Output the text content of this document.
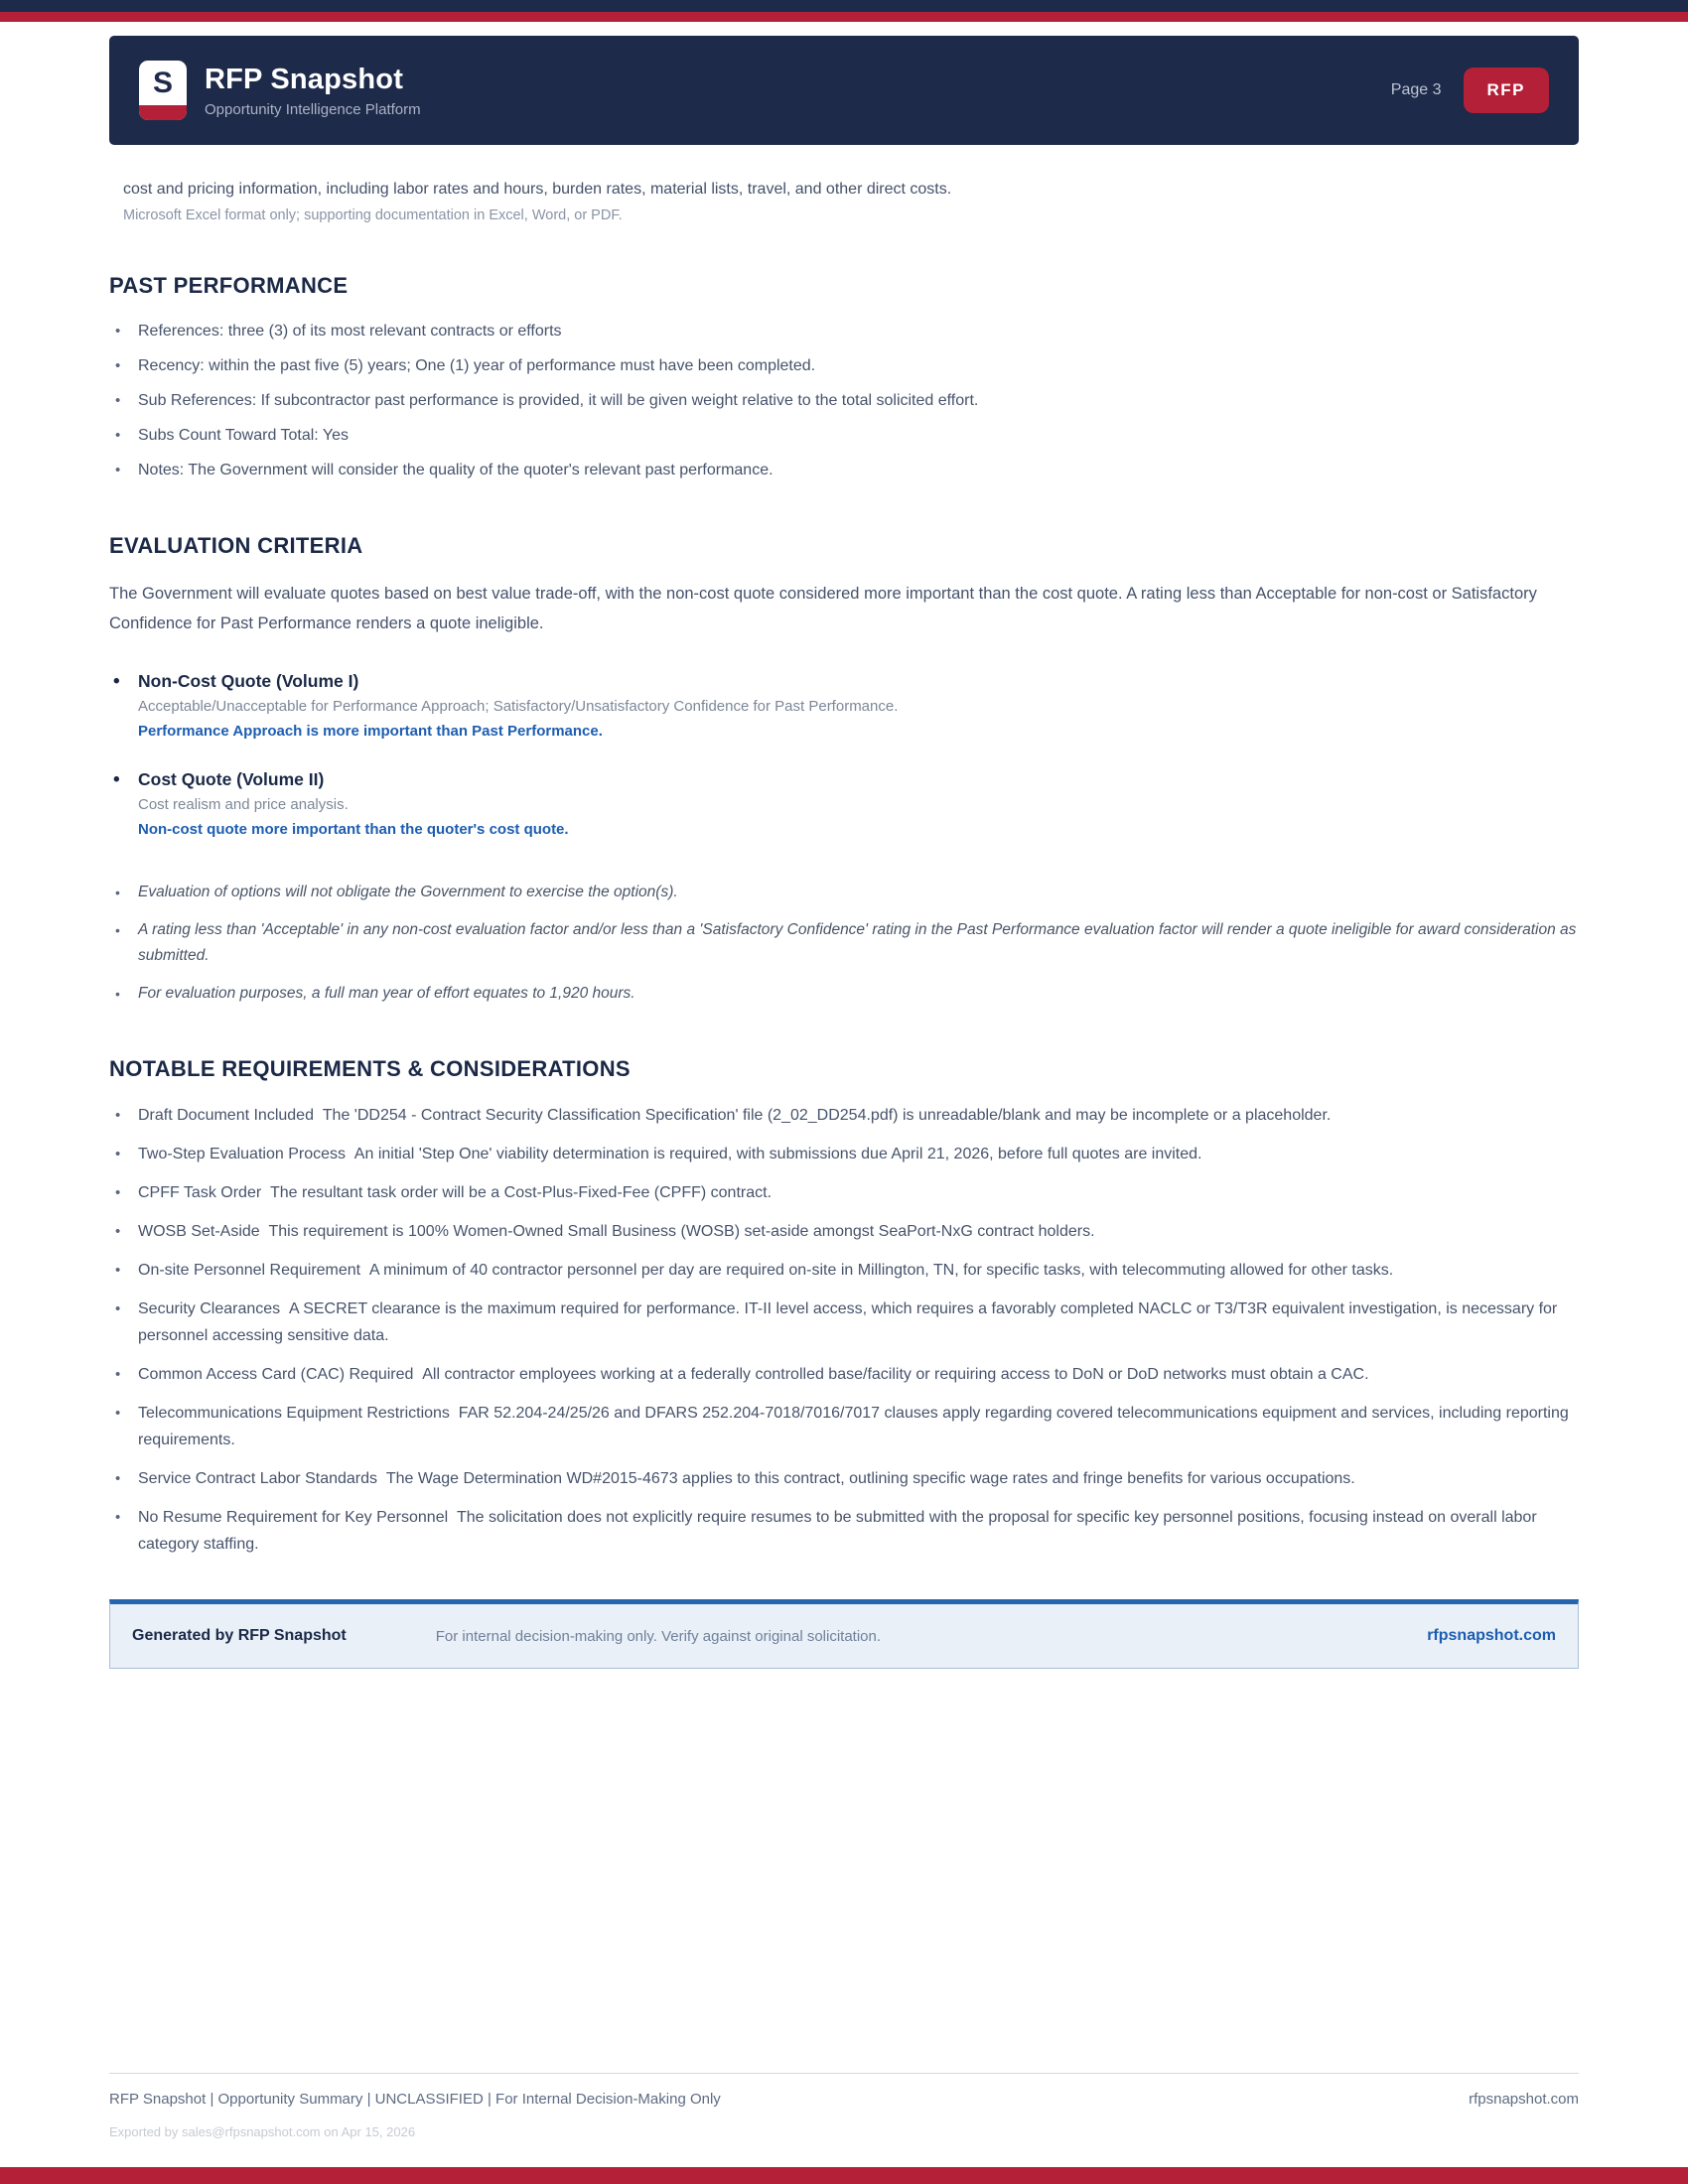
S	RFP Snapshot
Opportunity Intelligence Platform
Page 3	RFP
cost and pricing information, including labor rates and hours, burden rates, material lists, travel, and other direct costs.
Microsoft Excel format only; supporting documentation in Excel, Word, or PDF.
PAST PERFORMANCE
• References: three (3) of its most relevant contracts or efforts
• Recency: within the past five (5) years; One (1) year of performance must have been completed.
• Sub References: If subcontractor past performance is provided, it will be given weight relative to the total solicited effort.
• Subs Count Toward Total: Yes
• Notes: The Government will consider the quality of the quoter's relevant past performance.
EVALUATION CRITERIA

The Government will evaluate quotes based on best value trade-off, with the non-cost quote considered more important than the cost quote. A rating less than Acceptable for non-cost or Satisfactory Confidence for Past Performance renders a quote ineligible.

• Non-Cost Quote (Volume I)
Acceptable/Unacceptable for Performance Approach; Satisfactory/Unsatisfactory Confidence for Past Performance.
Performance Approach is more important than Past Performance.
• Cost Quote (Volume II)
Cost realism and price analysis.
Non-cost quote more important than the quoter's cost quote.
• Evaluation of options will not obligate the Government to exercise the option(s).
• A rating less than 'Acceptable' in any non-cost evaluation factor and/or less than a 'Satisfactory Confidence' rating in the Past Performance evaluation factor will render a quote ineligible for award consideration as submitted.
• For evaluation purposes, a full man year of effort equates to 1,920 hours.
NOTABLE REQUIREMENTS & CONSIDERATIONS
• Draft Document Included The 'DD254 - Contract Security Classification Specification' file (2_02_DD254.pdf) is unreadable/blank and may be incomplete or a placeholder.
• Two-Step Evaluation Process An initial 'Step One' viability determination is required, with submissions due April 21, 2026, before full quotes are invited.
• CPFF Task Order The resultant task order will be a Cost-Plus-Fixed-Fee (CPFF) contract.
• WOSB Set-Aside This requirement is 100% Women-Owned Small Business (WOSB) set-aside amongst SeaPort-NxG contract holders.
• On-site Personnel Requirement A minimum of 40 contractor personnel per day are required on-site in Millington, TN, for specific tasks, with telecommuting allowed for other tasks.
• Security Clearances A SECRET clearance is the maximum required for performance. IT-II level access, which requires a favorably completed NACLC or T3/T3R equivalent investigation, is necessary for personnel accessing sensitive data.
• Common Access Card (CAC) Required All contractor employees working at a federally controlled base/facility or requiring access to DoN or DoD networks must obtain a CAC.
• Telecommunications Equipment Restrictions FAR 52.204-24/25/26 and DFARS 252.204-7018/7016/7017 clauses apply regarding covered telecommunications equipment and services, including reporting requirements.
• Service Contract Labor Standards The Wage Determination WD#2015-4673 applies to this contract, outlining specific wage rates and fringe benefits for various occupations.
• No Resume Requirement for Key Personnel The solicitation does not explicitly require resumes to be submitted with the proposal for specific key personnel positions, focusing instead on overall labor category staffing.
Generated by RFP Snapshot	For internal decision-making only. Verify against original solicitation.	rfpsnapshot.com
RFP Snapshot | Opportunity Summary | UNCLASSIFIED | For Internal Decision-Making Only	rfpsnapshot.com
Exported by sales@rfpsnapshot.com on Apr 15, 2026
